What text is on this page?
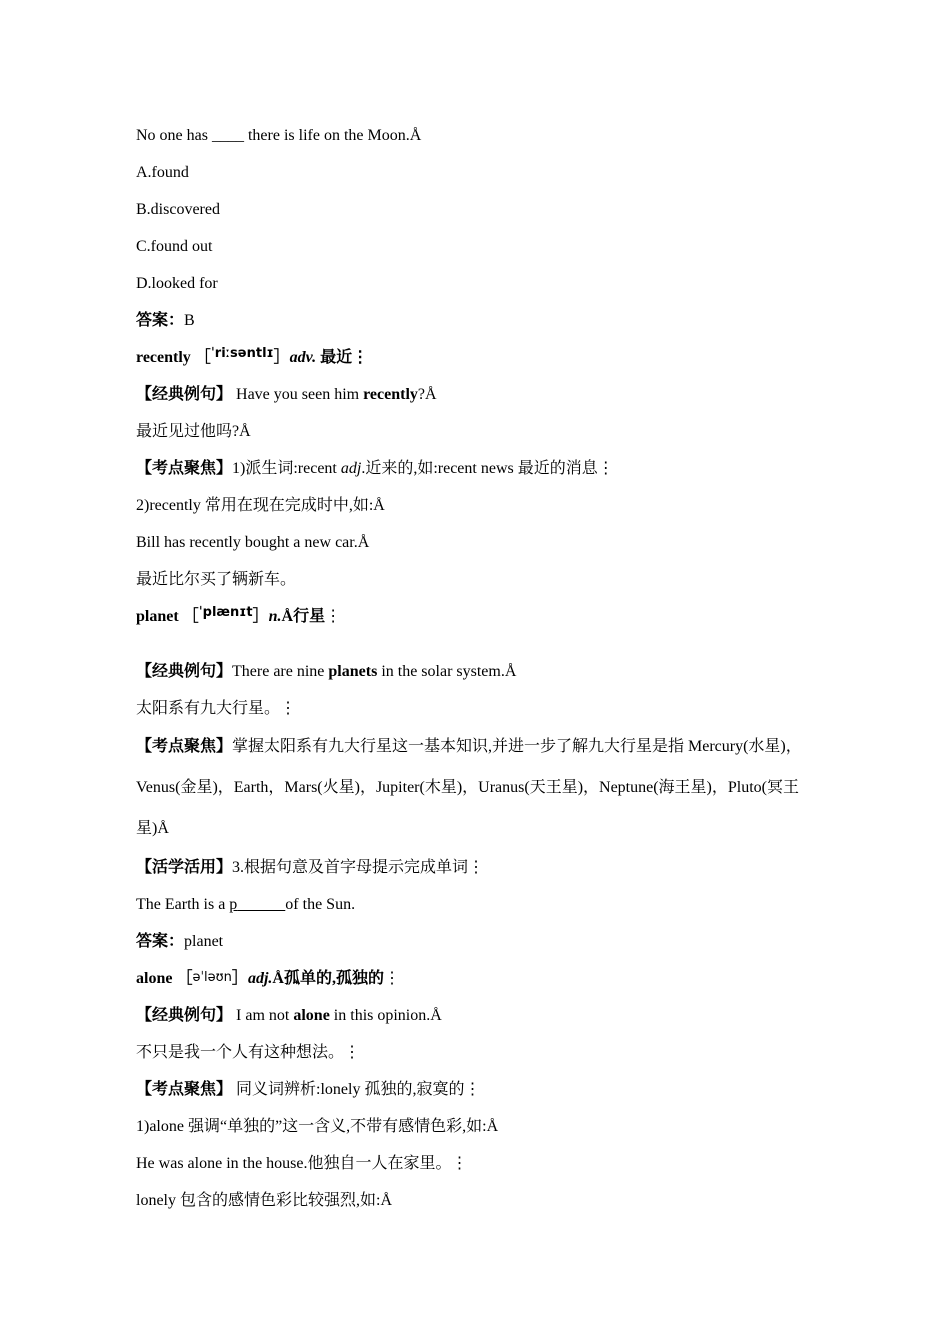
No one has ____ there is life on the Moon.Å

A.found

B.discovered

C.found out

D.looked for

答案：B

recently ［$^{ˈriːsəntlɪ}$］adv. 最近⋮

【经典例句】 Have you seen him recently?Å

最近见过他吗?Å

【考点聚焦】1)派生词:recent adj.近来的,如:recent news 最近的消息⋮

2)recently 常用在现在完成时中,如:Å

Bill has recently bought a new car.Å

最近比尔买了辆新车。

planet ［$^{ˈplænɪt}$］n.Å行星⋮

【经典例句】There are nine planets in the solar system.Å

太阳系有九大行星。⋮

【考点聚焦】掌握太阳系有九大行星这一基本知识,并进一步了解九大行星是指 Mercury(水星)，Venus(金星)，Earth，Mars(火星)，Jupiter(木星)，Uranus(天王星)，Neptune(海王星)，Pluto(冥王星)Å

【活学活用】3.根据句意及首字母提示完成单词⋮

The Earth is a p	of the Sun.

答案：planet

alone ［əˈləʊn］adj.Å孤单的,孤独的⋮

【经典例句】 I am not alone in this opinion.Å

不只是我一个人有这种想法。⋮

【考点聚焦】 同义词辨析:lonely 孤独的,寂寞的⋮

1)alone 强调“单独的”这一含义,不带有感情色彩,如:Å

He was alone in the house.他独自一人在家里。⋮

lonely 包含的感情色彩比较强烈,如:Å
